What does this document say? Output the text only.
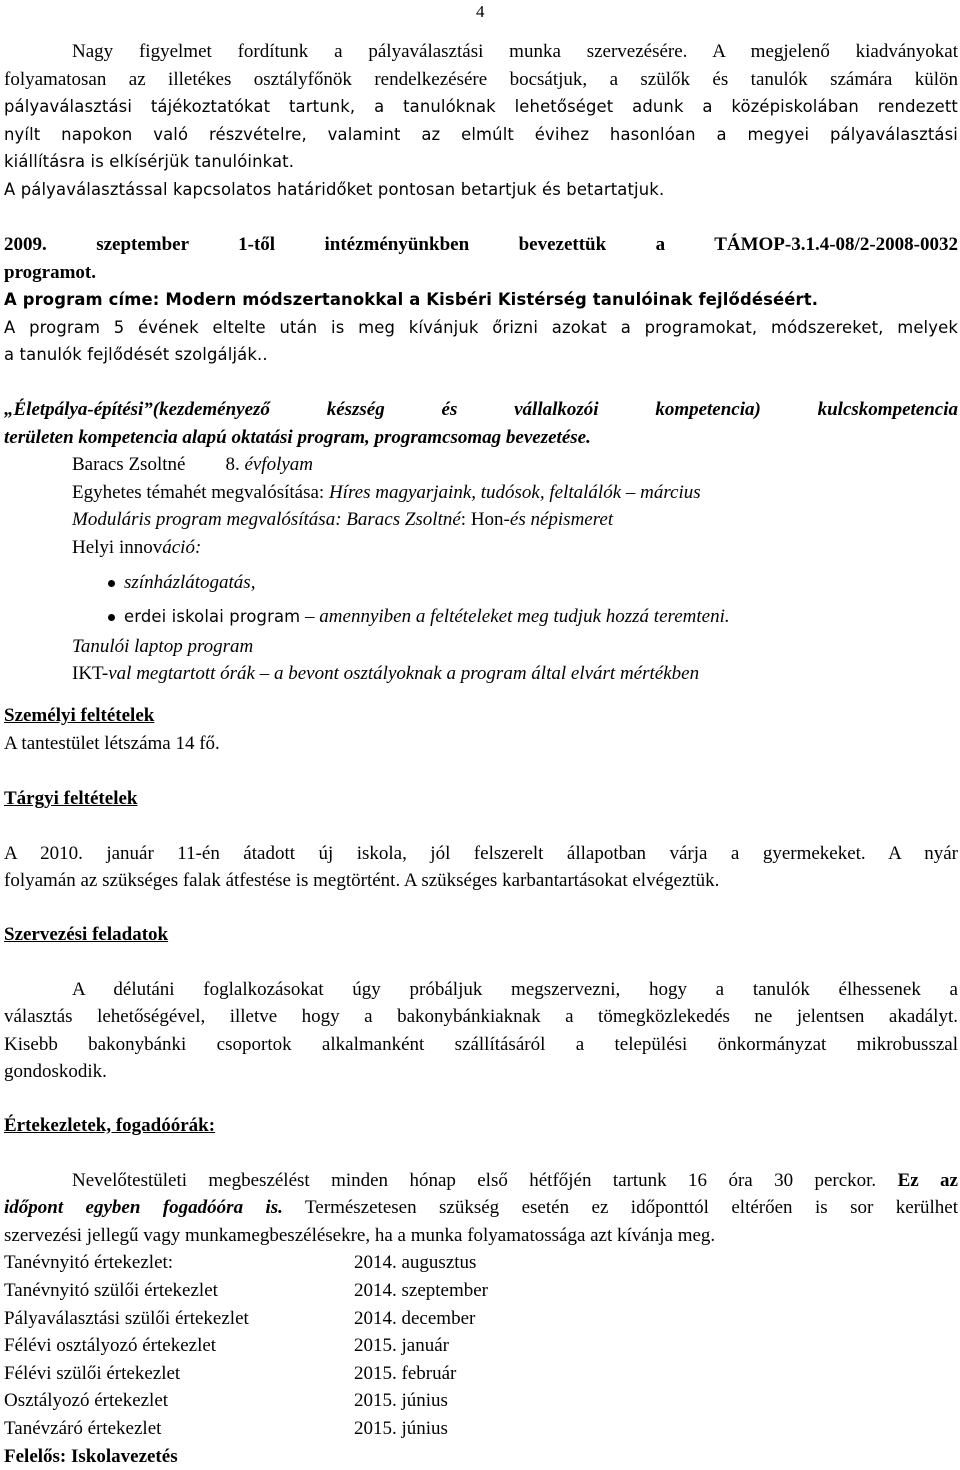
4

Nagy figyelmet fordítunk a pályaválasztási munka szervezésére. A megjelenő kiadványokat

folyamatosan az illetékes osztályfőnök rendelkezésére bocsátjuk, a szülők és tanulók számára külön

pályaválasztási tájékoztatókat tartunk, a tanulóknak lehetőséget adunk a középiskolában rendezett

nyílt napokon való részvételre, valamint az elmúlt évihez hasonlóan a megyei pályaválasztási

kiállításra is elkísérjük tanulóinkat.

A pályaválasztással kapcsolatos határidőket pontosan betartjuk és betartatjuk.

2009. szeptember 1-től intézményünkben bevezettük a TÁMOP-3.1.4-08/2-2008-0032

programot.

A program címe: Modern módszertanokkal a Kisbéri Kistérség tanulóinak fejlődéséért.

A program 5 évének eltelte után is meg kívánjuk őrizni azokat a programokat, módszereket, melyek

a tanulók fejlődését szolgálják..

„Életpálya-építési”(kezdeményező készség és vállalkozói kompetencia) kulcskompetencia

területen kompetencia alapú oktatási program, programcsomag bevezetése.

Baracs Zsoltné 8. évfolyam

Egyhetes témahét megvalósítása: Híres magyarjaink, tudósok, feltalálók – március

Moduláris program megvalósítása: Baracs Zsoltné: Hon-és népismeret

Helyi innováció:

színházlátogatás,

erdei iskolai program – amennyiben a feltételeket meg tudjuk hozzá teremteni.

Tanulói laptop program

IKT-val megtartott órák – a bevont osztályoknak a program által elvárt mértékben

Személyi feltételek

A tantestület létszáma 14 fő.

Tárgyi feltételek

A 2010. január 11-én átadott új iskola, jól felszerelt állapotban várja a gyermekeket. A nyár

folyamán az szükséges falak átfestése is megtörtént. A szükséges karbantartásokat elvégeztük.

Szervezési feladatok

A délutáni foglalkozásokat úgy próbáljuk megszervezni, hogy a tanulók élhessenek a

választás lehetőségével, illetve hogy a bakonybánkiaknak a tömegközlekedés ne jelentsen akadályt.

Kisebb bakonybánki csoportok alkalmanként szállításáról a települési önkormányzat mikrobusszal

gondoskodik.

Értekezletek, fogadóórák:

Nevelőtestületi megbeszélést minden hónap első hétfőjén tartunk 16 óra 30 perckor. Ez az

időpont egyben fogadóóra is. Természetesen szükség esetén ez időponttól eltérően is sor kerülhet

szervezési jellegű vagy munkamegbeszélésekre, ha a munka folyamatossága azt kívánja meg.

Tanévnyitó értekezlet:	2014. augusztus
Tanévnyitó szülői értekezlet	2014. szeptember
Pályaválasztási szülői értekezlet	2014. december
Félévi osztályozó értekezlet	2015. január
Félévi szülői értekezlet	2015. február
Osztályozó értekezlet	2015. június
Tanévzáró értekezlet	2015. június

Felelős: Iskolavezetés
